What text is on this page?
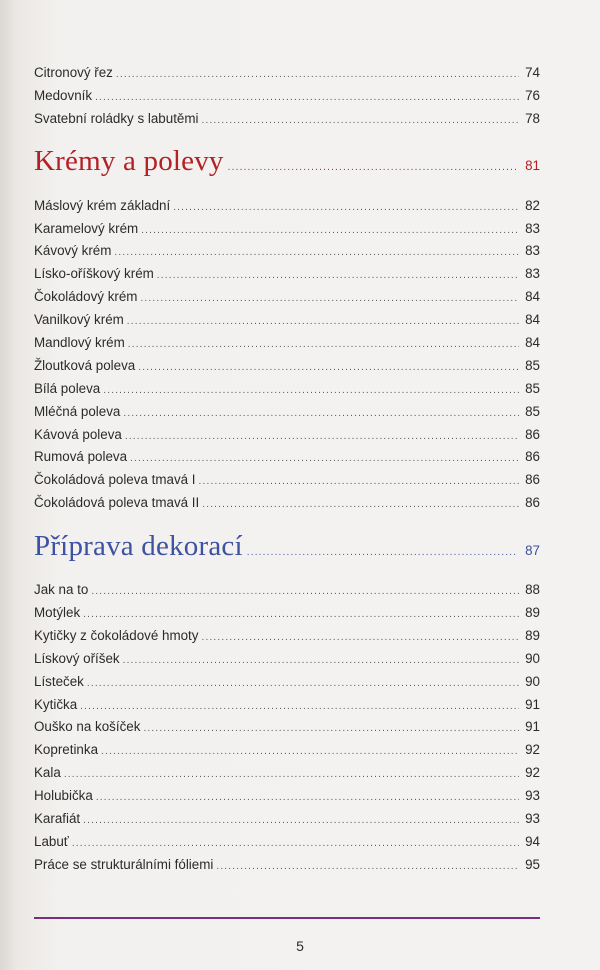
Citronový řez .....	74
Medovník .....	76
Svatební roládky s labutěmi .....	78
Krémy a polevy .....	81
Máslový krém základní .....	82
Karamelový krém .....	83
Kávový krém .....	83
Lísko-oříškový krém .....	83
Čokoládový krém .....	84
Vanilkový krém .....	84
Mandlový krém .....	84
Žloutková poleva .....	85
Bílá poleva .....	85
Mléčná poleva .....	85
Kávová poleva .....	86
Rumová poleva .....	86
Čokoládová poleva tmavá I .....	86
Čokoládová poleva tmavá II .....	86
Příprava dekorací .....	87
Jak na to .....	88
Motýlek .....	89
Kytičky z čokoládové hmoty .....	89
Lískový oříšek .....	90
Lísteček .....	90
Kytička .....	91
Ouško na košíček .....	91
Kopretinka .....	92
Kala .....	92
Holubička .....	93
Karafiát .....	93
Labuť .....	94
Práce se strukturálními fóliemi .....	95
5
